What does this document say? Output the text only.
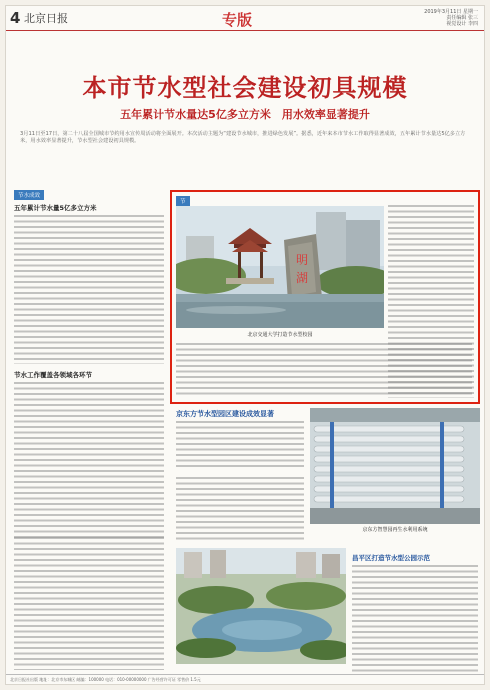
4 北京日报	专版	2019年3月11日 星期一
责任编辑 张三
视觉设计 李四
本市节水型社会建设初具规模
五年累计节水量达5亿多立方米　用水效率显著提升
3月11日至17日，第二十八届全国城市节约用水宣传周活动将全面展开。本次活动主题为“建设节水城市，推进绿色发展”。据悉，近年来本市节水工作取得显著成效，五年累计节水量达5亿多立方米，用水效率显著提升，节水型社会建设初具规模。
节水成效
五年累计节水量5亿多立方米
节水工作覆盖各领域各环节
节
明
湖
北京交通大学打造节水型校园
京东方节水型园区建设成效显著
京东方智慧园再生水利用系统
昌平区打造节水型公园示范
北京日报社出版 地址：北京市东城区 邮编：100000 电话：010-00000000 广告经营许可证 零售价 1.5元
